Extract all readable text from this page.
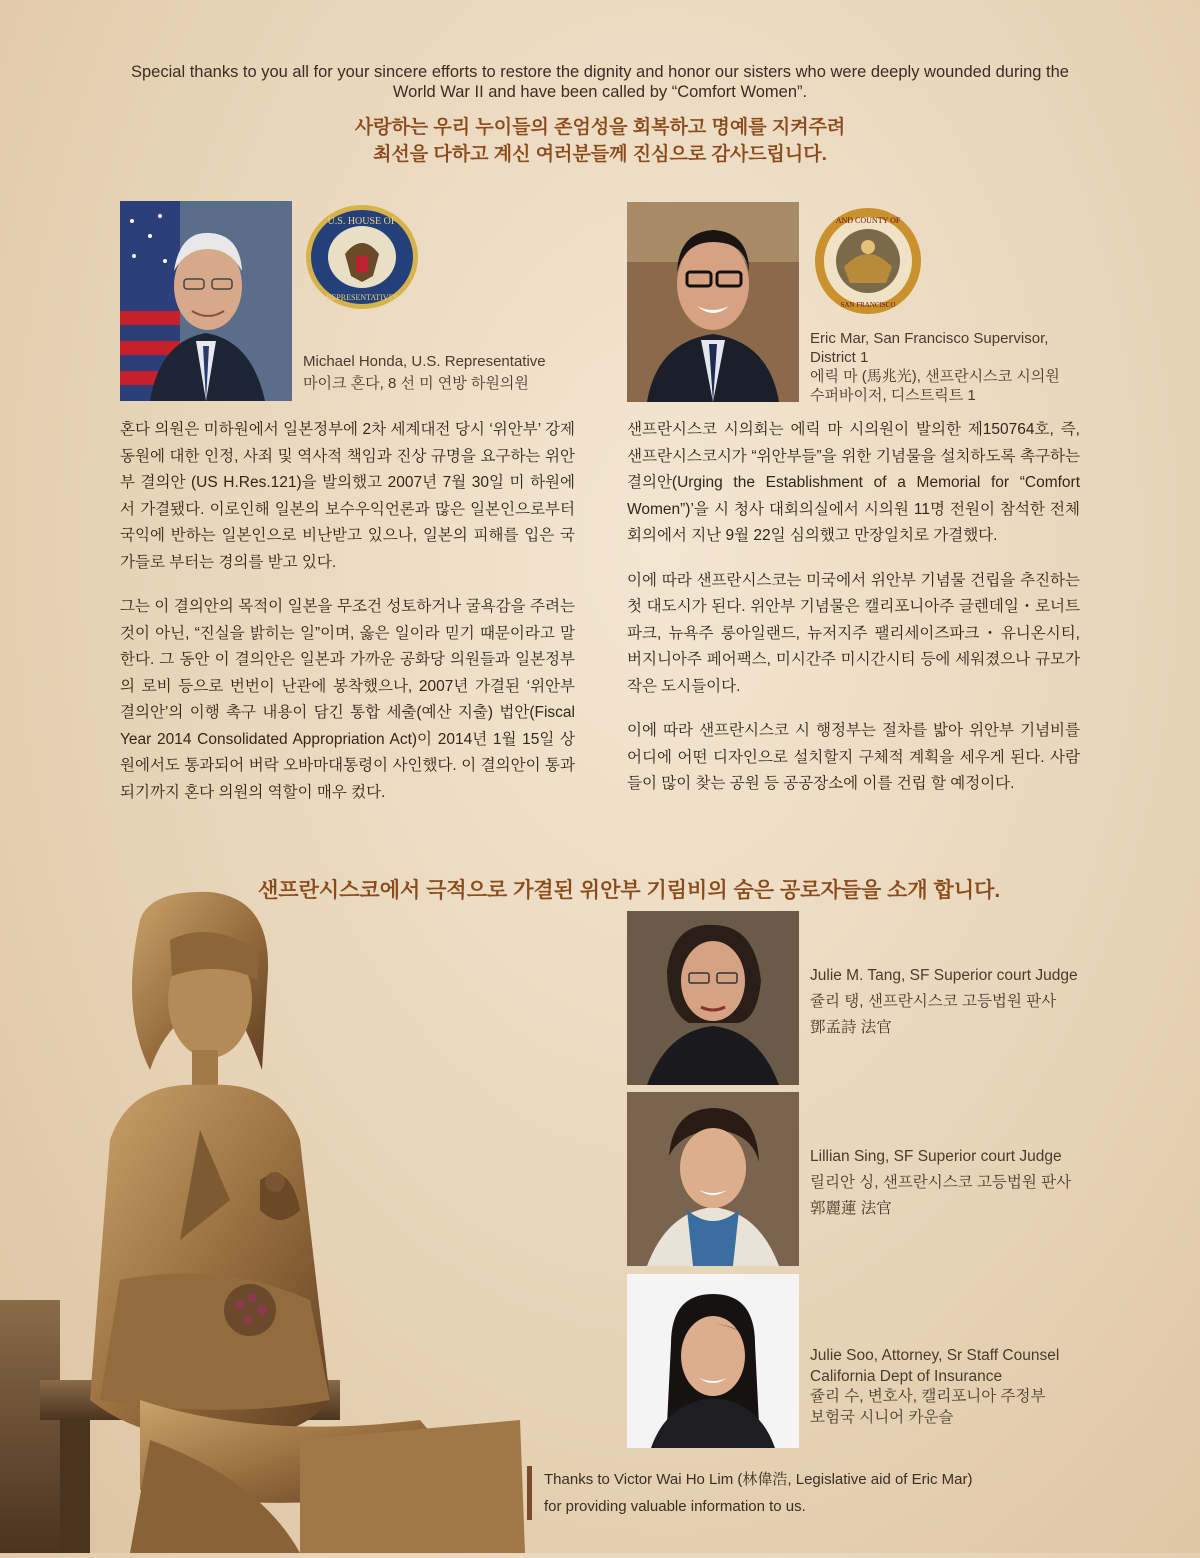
Special thanks to you all for your sincere efforts to restore the dignity and honor our sisters who were deeply wounded during the World War II and have been called by “Comfort Women”.
사랑하는 우리 누이들의 존엄성을 회복하고 명예를 지켜주려
최선을 다하고 계신 여러분들께 진심으로 감사드립니다.
U.S. HOUSE OF
REPRESENTATIVES
Michael Honda, U.S. Representative
마이크 혼다, 8 선 미 연방 하원의원

혼다 의원은 미하원에서 일본정부에 2차 세계대전 당시 ‘위안부’ 강제동원에 대한 인정, 사죄 및 역사적 책임과 진상 규명을 요구하는 위안부 결의안 (US H.Res.121)을 발의했고 2007년 7월 30일 미 하원에서 가결됐다. 이로인해 일본의 보수우익언론과 많은 일본인으로부터 국익에 반하는 일본인으로 비난받고 있으나, 일본의 피해를 입은 국가들로 부터는 경의를 받고 있다.

그는 이 결의안의 목적이 일본을 무조건 성토하거나 굴욕감을 주려는 것이 아닌, “진실을 밝히는 일”이며, 옳은 일이라 믿기 때문이라고 말한다. 그 동안 이 결의안은 일본과 가까운 공화당 의원들과 일본정부의 로비 등으로 번번이 난관에 봉착했으나, 2007년 가결된 ‘위안부 결의안’의 이행 촉구 내용이 담긴 통합 세출(예산 지출) 법안(Fiscal Year 2014 Consolidated Appropriation Act)이 2014년 1월 15일 상원에서도 통과되어 버락 오바마대통령이 사인했다. 이 결의안이 통과되기까지 혼다 의원의 역할이 매우 컸다.

AND COUNTY OF
SAN FRANCISCO
Eric Mar, San Francisco Supervisor,
District 1
에릭 마 (馬兆光), 샌프란시스코 시의원
수퍼바이저, 디스트릭트 1

샌프란시스코 시의회는 에릭 마 시의원이 발의한 제150764호, 즉, 샌프란시스코시가 “위안부들”을 위한 기념물을 설치하도록 촉구하는 결의안(Urging the Establishment of a Memorial for “Comfort Women”)’을 시 청사 대회의실에서 시의원 11명 전원이 참석한 전체회의에서 지난 9월 22일 심의했고 만장일치로 가결했다.

이에 따라 샌프란시스코는 미국에서 위안부 기념물 건립을 추진하는 첫 대도시가 된다. 위안부 기념물은 캘리포니아주 글렌데일・로너트파크, 뉴욕주 롱아일랜드, 뉴저지주 팰리세이즈파크・유니온시티, 버지니아주 페어팩스, 미시간주 미시간시티 등에 세워졌으나 규모가 작은 도시들이다.

이에 따라 샌프란시스코 시 행정부는 절차를 밟아 위안부 기념비를 어디에 어떤 디자인으로 설치할지 구체적 계획을 세우게 된다. 사람들이 많이 찾는 공원 등 공공장소에 이를 건립 할 예정이다.

샌프란시스코에서 극적으로 가결된 위안부 기림비의 숨은 공로자들을 소개 합니다.
Julie M. Tang, SF Superior court Judge
쥴리 탱, 샌프란시스코 고등법원 판사
鄧孟詩 法官
Lillian Sing, SF Superior court Judge
릴리안 싱, 샌프란시스코 고등법원 판사
郭麗蓮 法官
Julie Soo, Attorney, Sr Staff Counsel
California Dept of Insurance
쥴리 수, 변호사, 캘리포니아 주정부
보험국 시니어 카운슬
Thanks to Victor Wai Ho Lim (林偉浩, Legislative aid of Eric Mar)
for providing valuable information to us.
